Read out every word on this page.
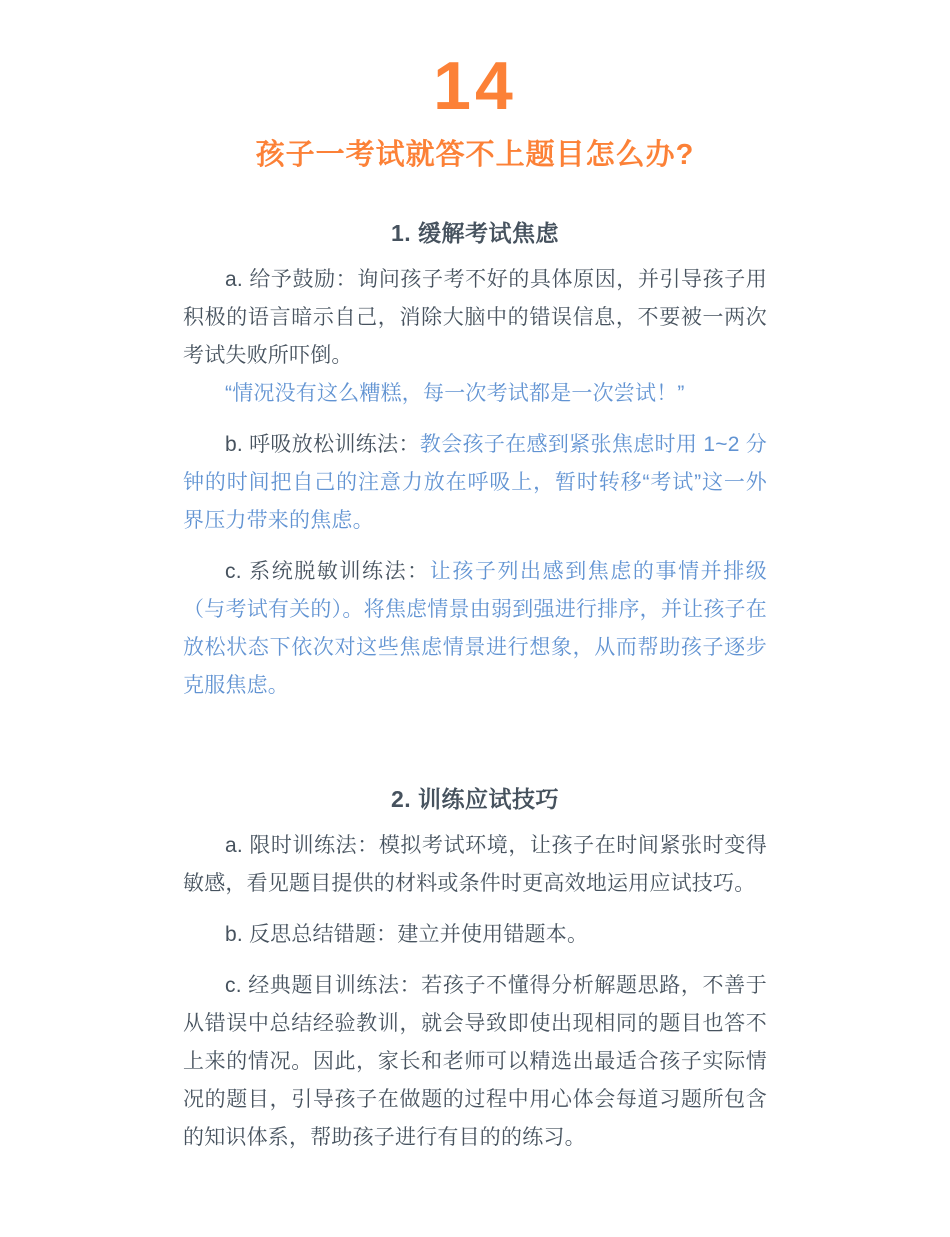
14
孩子一考试就答不上题目怎么办?
1. 缓解考试焦虑

a. 给予鼓励：询问孩子考不好的具体原因，并引导孩子用积极的语言暗示自己，消除大脑中的错误信息，不要被一两次考试失败所吓倒。

“情况没有这么糟糕，每一次考试都是一次尝试！”

b. 呼吸放松训练法：教会孩子在感到紧张焦虑时用 1~2 分钟的时间把自己的注意力放在呼吸上，暂时转移“考试”这一外界压力带来的焦虑。

c. 系统脱敏训练法：让孩子列出感到焦虑的事情并排级（与考试有关的）。将焦虑情景由弱到强进行排序，并让孩子在放松状态下依次对这些焦虑情景进行想象，从而帮助孩子逐步克服焦虑。

2. 训练应试技巧

a. 限时训练法：模拟考试环境，让孩子在时间紧张时变得敏感，看见题目提供的材料或条件时更高效地运用应试技巧。

b. 反思总结错题：建立并使用错题本。

c. 经典题目训练法：若孩子不懂得分析解题思路，不善于从错误中总结经验教训，就会导致即使出现相同的题目也答不上来的情况。因此，家长和老师可以精选出最适合孩子实际情况的题目，引导孩子在做题的过程中用心体会每道习题所包含的知识体系，帮助孩子进行有目的的练习。
